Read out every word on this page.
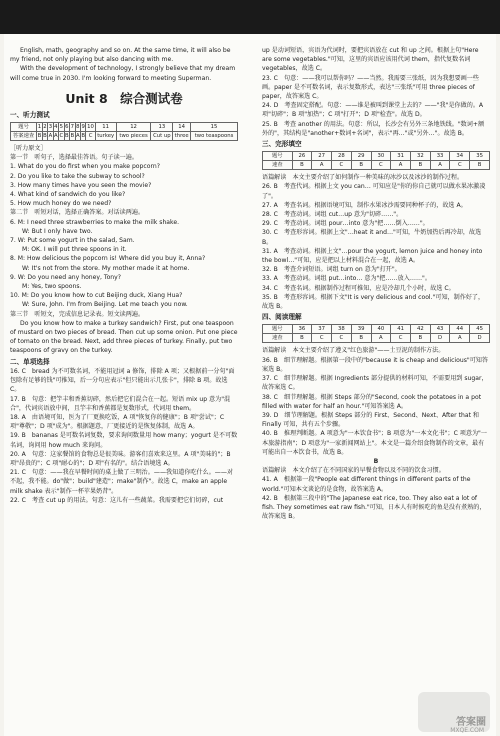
English, math, geography and so on. At the same time, it will also be my friend, not only playing but also dancing with me.

With the development of technology, I strongly believe that my dream will come true in 2030. I'm looking forward to meeting Superman.

Unit 8　综合测试卷
一、听力测试
题号	1	2	3	4	5	6	7	8	9	10	11	12	13	14	15
答案速查	B	B	A	A	C	B	B	A	B	C	turkey	two pieces	Cut up	three	two teaspoons

［听力原文］

第一节　听句子，选择最佳答语。句子读一遍。

1. What do you do first when you make popcorn?

2. Do you like to take the subway to school?

3. How many times have you seen the movie?

4. What kind of sandwich do you like?

5. How much honey do we need?

第二节　听短对话，选择正确答案。对话读两遍。

6. M: I need three strawberries to make the milk shake.

W: But I only have two.

7. W: Put some yogurt in the salad, Sam.

M: OK. I will put three spoons in it.

8. M: How delicious the popcorn is! Where did you buy it, Anna?

W: It's not from the store. My mother made it at home.

9. W: Do you need any honey, Tony?

M: Yes, two spoons.

10. M: Do you know how to cut Beijing duck, Xiang Hua?

W: Sure, John. I'm from Beijing. Let me teach you now.

第三节　听短文，完成信息记录表。短文读两遍。

Do you know how to make a turkey sandwich? First, put one teaspoon of mustard on two pieces of bread. Then cut up some onion. Put one piece of tomato on the bread. Next, add three pieces of turkey. Finally, put two teaspoons of gravy on the turkey.

二、单项选择

16. C　bread 为不可数名词，不能用冠词 a 修饰，排除 A 项；又根据前一分句"面包除有足够的钱"可推知，后一分句应表示"但只能出示几张卡"，排除 B 项。故选 C。

17. B　句意：把竽丰和香蕉切碎，然后把它们混合在一起。短语 mix up 意为"混合"，代词宾语放中间，且竽丰和香蕉都是复数形式，代词用 them。

18. A　由语境可知，医为了厂更换吃饭，A 项"恢复你的健康"；B 项"尝试"；C 项"尊敬"；D 项"成为"。根据题意，厂更接近的是恢复体制，故选 A。

19. B　bananas 是可数名词复数，要求询问数量用 how many；yogurt 是不可数名词，询问用 how much 来询问。

20. A　句意：这家餐馆的食物总是很美味。游客们喜欢来这里。A 项"美味的"；B 项"昂贵的"；C 项"耐心的"；D 项"有名的"。结合语境选 A。

21. C　句意：——我在早餐时间的桌上做了三明治。——我知道你吃什么。——对不起，我不能。do"做"；build"建造"；make"制作"。故选 C，make an apple milk shake 表示"制作一杯苹果奶昔"。

22. C　考查 cut up 的用法。句意：这儿有一些蔬菜。我需要把它们切碎，cut

up 是动词短语，宾语为代词时，要把宾语放在 cut 和 up 之间。根据上句"Here are some vegetables."可知，这里的宾语应该用代词 them，指代复数名词 vegetables，故选 C。

23. C　句意：——我可以帮你吗？——当然。我需要三张纸，因为我想要画一些画。paper 是不可数名词，表示复数形式，表达"三张纸"可用 three pieces of paper，故答案选 C。

24. D　考查固定搭配。句意：——谁是被叫到课堂上去的？——"我"是你做的。A 项"切碎"；B 项"加热"；C 项"打开"；D 项"检查"。故选 D。

25. B　考查 another 的用法。句意：所以，长沙会有另外三条地铁线。"数词+额外的"，其结构是"another+数词+名词"，表示"再…"或"另外…"。故选 B。

三、完形填空
题号	26	27	28	29	30	31	32	33	34	35
速查	B	A	C	B	C	A	B	A	C	B

语篇解读　本文主要介绍了如何制作一种美味的冰沙以及冰沙的制作过程。

26. B　考查代词。根据上文 you can… 可知应是"你的你自己就可以做水果冰激凌了"。

27. A　考查名词。根据语境可知，制作水果冰沙需要同种杯子的，故选 A。

28. C　考查动词。词组 cut…up 意为"切碎……"。

29. C　考查动词。词组 pour…into 意为"把……倒入……"。

30. C　考查形容词。根据上文"…heat it and…"可知，牛奶加热后再冷却，故选 B。

31. A　考查动词。根据上文"…pour the yogurt, lemon juice and honey into the bowl…"可知，应是把以上材料混合在一起，故选 A。

32. B　考查介词短语。词组 turn on 意为"打开"。

33. A　考查动词。词组 put…into… 意为"把……放入……"。

34. C　考查名词。根据制作过程可推知，应是冷却几个小时，故选 C。

35. B　考查形容词。根据下文"It is very delicious and cool."可知，制作好了，故选 B。

四、阅读理解
题号	36	37	38	39	40	41	42	43	44	45
速查	B	C	C	B	A	C	B	D	A	D

语篇解读　本文主要介绍了遵义"红色旅游"——土豆泥的制作方法。

36. B　细节理解题。根据第一段中的"because it is cheap and delicious"可知答案选 B。

37. C　细节理解题。根据 Ingredients 部分提供的材料可知，不需要用到 sugar，故答案选 C。

38. C　细节理解题。根据 Steps 部分的"Second, cook the potatoes in a pot filled with water for half an hour."可知答案选 A。

39. D　细节理解题。根据 Steps 部分的 First、Second、Next、After that 和 Finally 可知，共有五个步骤。

40. B　推理判断题。A 项意为"一本饮食书"；B 项意为"一本文化书"；C 项意为"一本旅游指南"；D 项意为"一家新闻网站上"。本文是一篇介绍食物制作的文章，最有可能出自一本饮食书，故选 B。

B

语篇解读　本文介绍了在不同国家的早餐食物以及不同的饮食习惯。

41. A　根据第一段"People eat different things in different parts of the world."可知本文谈论的是食物，故答案选 A。

42. B　根据第三段中的"The Japanese eat rice, too. They also eat a lot of fish. They sometimes eat raw fish."可知，日本人有时候吃的鱼是没有煮熟的，故答案选 B。

答案圈
MXQE.COM
